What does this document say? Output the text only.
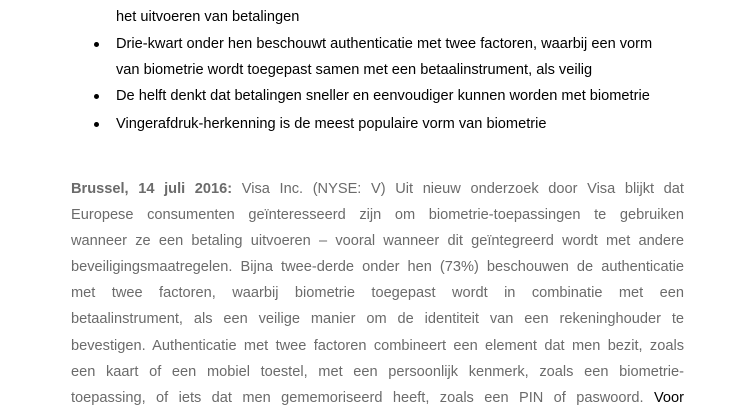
het uitvoeren van betalingen
Drie-kwart onder hen beschouwt authenticatie met twee factoren, waarbij een vorm
van biometrie wordt toegepast samen met een betaalinstrument, als veilig
De helft denkt dat betalingen sneller en eenvoudiger kunnen worden met biometrie
Vingerafdruk-herkenning is de meest populaire vorm van biometrie
Brussel, 14 juli 2016: Visa Inc. (NYSE: V) Uit nieuw onderzoek door Visa blijkt dat
Europese consumenten geïnteresseerd zijn om biometrie-toepassingen te gebruiken
wanneer ze een betaling uitvoeren – vooral wanneer dit geïntegreerd wordt met andere
beveiligingsmaatregelen. Bijna twee-derde onder hen (73%) beschouwen de authenticatie
met twee factoren, waarbij biometrie toegepast wordt in combinatie met een
betaalinstrument, als een veilige manier om de identiteit van een rekeninghouder te
bevestigen. Authenticatie met twee factoren combineert een element dat men bezit, zoals
een kaart of een mobiel toestel, met een persoonlijk kenmerk, zoals een biometrie-
toepassing, of iets dat men gememoriseerd heeft, zoals een PIN of paswoord. Voor
